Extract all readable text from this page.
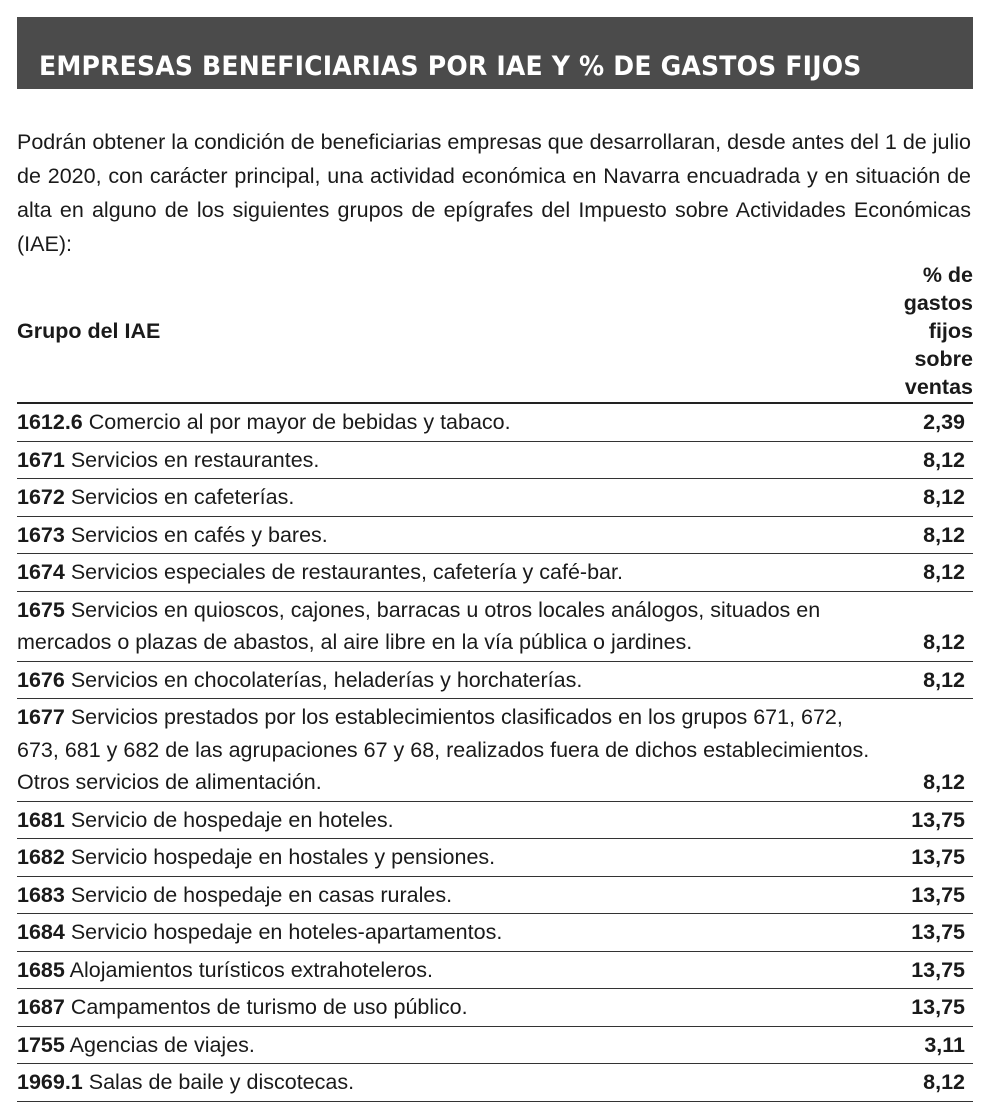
EMPRESAS BENEFICIARIAS POR IAE Y % DE GASTOS FIJOS
Podrán obtener la condición de beneficiarias empresas que desarrollaran, desde antes del 1 de julio de 2020, con carácter principal, una actividad económica en Navarra encuadrada y en situación de alta en alguno de los siguientes grupos de epígrafes del Impuesto sobre Actividades Económicas (IAE):
Grupo del IAE	% de gastos fijos sobre ventas
1612.6 Comercio al por mayor de bebidas y tabaco.	2,39
1671 Servicios en restaurantes.	8,12
1672 Servicios en cafeterías.	8,12
1673 Servicios en cafés y bares.	8,12
1674 Servicios especiales de restaurantes, cafetería y café-bar.	8,12
1675 Servicios en quioscos, cajones, barracas u otros locales análogos, situados en mercados o plazas de abastos, al aire libre en la vía pública o jardines.	8,12
1676 Servicios en chocolaterías, heladerías y horchaterías.	8,12
1677 Servicios prestados por los establecimientos clasificados en los grupos 671, 672, 673, 681 y 682 de las agrupaciones 67 y 68, realizados fuera de dichos establecimientos. Otros servicios de alimentación.	8,12
1681 Servicio de hospedaje en hoteles.	13,75
1682 Servicio hospedaje en hostales y pensiones.	13,75
1683 Servicio de hospedaje en casas rurales.	13,75
1684 Servicio hospedaje en hoteles-apartamentos.	13,75
1685 Alojamientos turísticos extrahoteleros.	13,75
1687 Campamentos de turismo de uso público.	13,75
1755 Agencias de viajes.	3,11
1969.1 Salas de baile y discotecas.	8,12
